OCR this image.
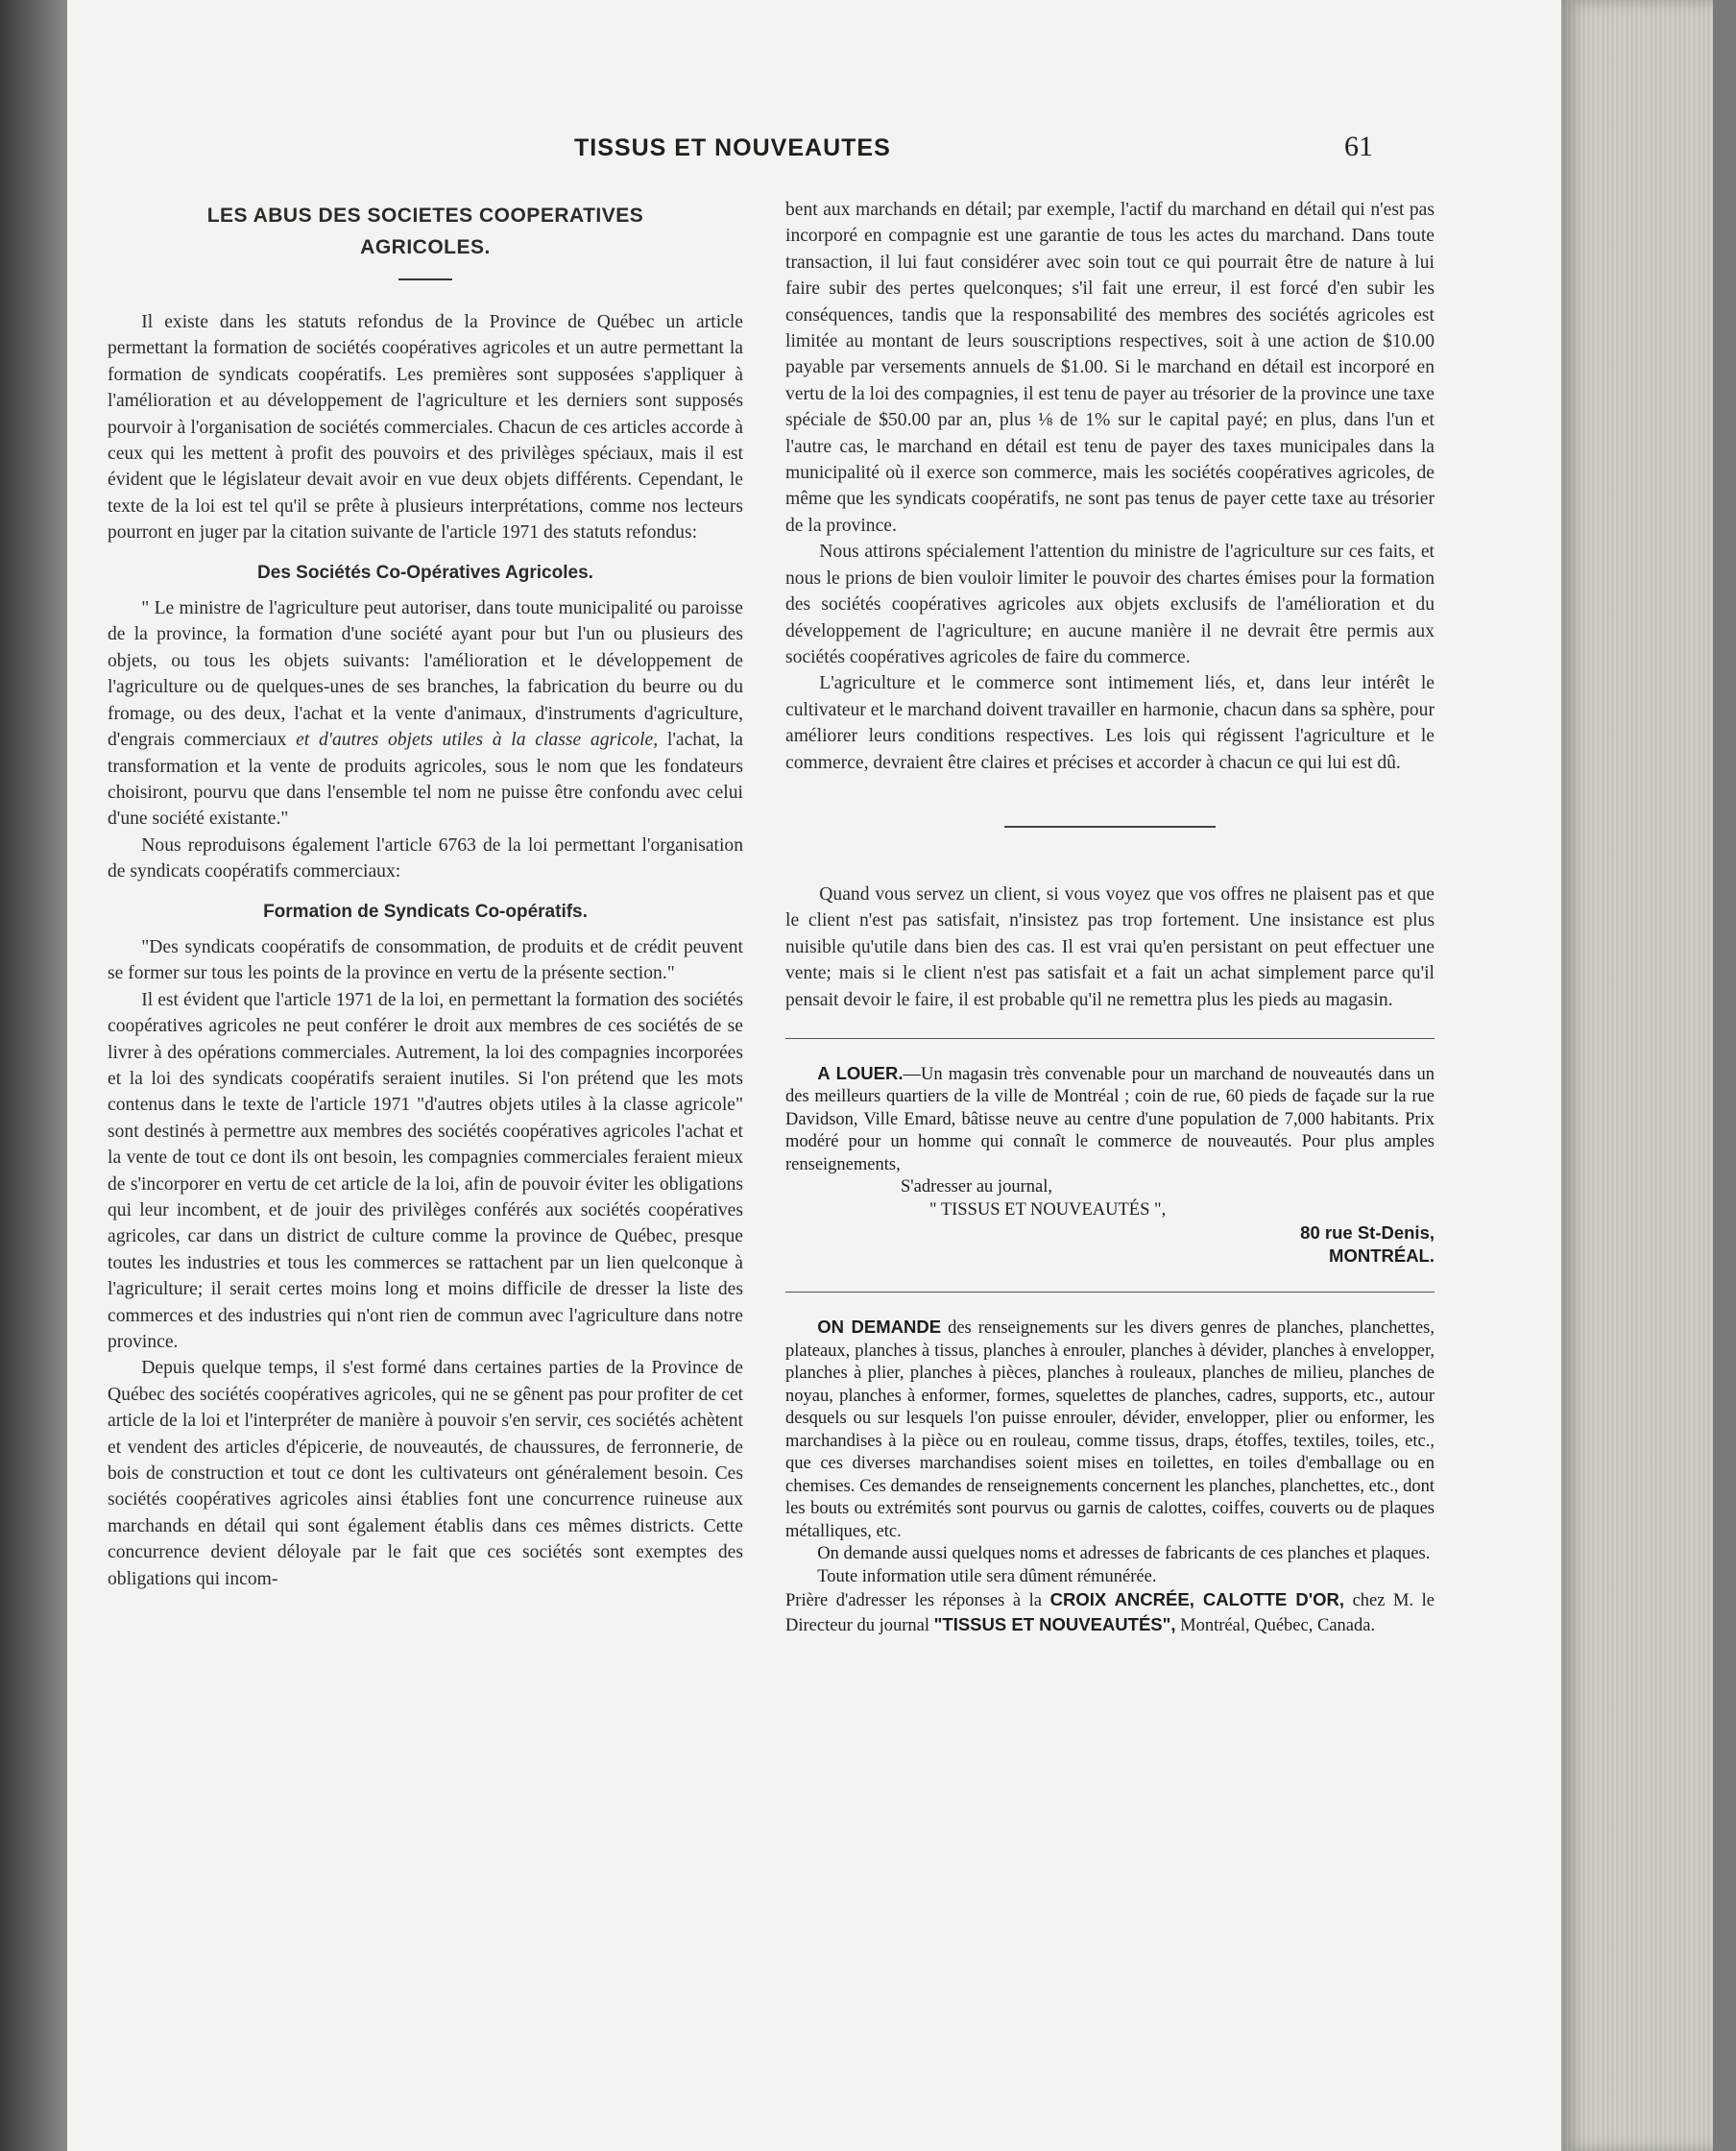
TISSUS ET NOUVEAUTES	61
LES ABUS DES SOCIETES COOPERATIVES
AGRICOLES.

Il existe dans les statuts refondus de la Province de Québec un article permettant la formation de sociétés coopératives agricoles et un autre permettant la formation de syndicats coopératifs. Les premières sont supposées s'appliquer à l'amélioration et au développement de l'agriculture et les derniers sont supposés pourvoir à l'organisation de sociétés commerciales. Chacun de ces articles accorde à ceux qui les mettent à profit des pouvoirs et des privilèges spéciaux, mais il est évident que le législateur devait avoir en vue deux objets différents. Cependant, le texte de la loi est tel qu'il se prête à plusieurs interprétations, comme nos lecteurs pourront en juger par la citation suivante de l'article 1971 des statuts refondus:

Des Sociétés Co-Opératives Agricoles.

" Le ministre de l'agriculture peut autoriser, dans toute municipalité ou paroisse de la province, la formation d'une société ayant pour but l'un ou plusieurs des objets, ou tous les objets suivants: l'amélioration et le développement de l'agriculture ou de quelques-unes de ses branches, la fabrication du beurre ou du fromage, ou des deux, l'achat et la vente d'animaux, d'instruments d'agriculture, d'engrais commerciaux et d'autres objets utiles à la classe agricole, l'achat, la transformation et la vente de produits agricoles, sous le nom que les fondateurs choisiront, pourvu que dans l'ensemble tel nom ne puisse être confondu avec celui d'une société existante."

Nous reproduisons également l'article 6763 de la loi permettant l'organisation de syndicats coopératifs commerciaux:

Formation de Syndicats Co-opératifs.

"Des syndicats coopératifs de consommation, de produits et de crédit peuvent se former sur tous les points de la province en vertu de la présente section."

Il est évident que l'article 1971 de la loi, en permettant la formation des sociétés coopératives agricoles ne peut conférer le droit aux membres de ces sociétés de se livrer à des opérations commerciales. Autrement, la loi des compagnies incorporées et la loi des syndicats coopératifs seraient inutiles. Si l'on prétend que les mots contenus dans le texte de l'article 1971 "d'autres objets utiles à la classe agricole" sont destinés à permettre aux membres des sociétés coopératives agricoles l'achat et la vente de tout ce dont ils ont besoin, les compagnies commerciales feraient mieux de s'incorporer en vertu de cet article de la loi, afin de pouvoir éviter les obligations qui leur incombent, et de jouir des privilèges conférés aux sociétés coopératives agricoles, car dans un district de culture comme la province de Québec, presque toutes les industries et tous les commerces se rattachent par un lien quelconque à l'agriculture; il serait certes moins long et moins difficile de dresser la liste des commerces et des industries qui n'ont rien de commun avec l'agriculture dans notre province.

Depuis quelque temps, il s'est formé dans certaines parties de la Province de Québec des sociétés coopératives agricoles, qui ne se gênent pas pour profiter de cet article de la loi et l'interpréter de manière à pouvoir s'en servir, ces sociétés achètent et vendent des articles d'épicerie, de nouveautés, de chaussures, de ferronnerie, de bois de construction et tout ce dont les cultivateurs ont généralement besoin. Ces sociétés coopératives agricoles ainsi établies font une concurrence ruineuse aux marchands en détail qui sont également établis dans ces mêmes districts. Cette concurrence devient déloyale par le fait que ces sociétés sont exemptes des obligations qui incom-

bent aux marchands en détail; par exemple, l'actif du marchand en détail qui n'est pas incorporé en compagnie est une garantie de tous les actes du marchand. Dans toute transaction, il lui faut considérer avec soin tout ce qui pourrait être de nature à lui faire subir des pertes quelconques; s'il fait une erreur, il est forcé d'en subir les conséquences, tandis que la responsabilité des membres des sociétés agricoles est limitée au montant de leurs souscriptions respectives, soit à une action de $10.00 payable par versements annuels de $1.00. Si le marchand en détail est incorporé en vertu de la loi des compagnies, il est tenu de payer au trésorier de la province une taxe spéciale de $50.00 par an, plus ⅛ de 1% sur le capital payé; en plus, dans l'un et l'autre cas, le marchand en détail est tenu de payer des taxes municipales dans la municipalité où il exerce son commerce, mais les sociétés coopératives agricoles, de même que les syndicats coopératifs, ne sont pas tenus de payer cette taxe au trésorier de la province.

Nous attirons spécialement l'attention du ministre de l'agriculture sur ces faits, et nous le prions de bien vouloir limiter le pouvoir des chartes émises pour la formation des sociétés coopératives agricoles aux objets exclusifs de l'amélioration et du développement de l'agriculture; en aucune manière il ne devrait être permis aux sociétés coopératives agricoles de faire du commerce.

L'agriculture et le commerce sont intimement liés, et, dans leur intérêt le cultivateur et le marchand doivent travailler en harmonie, chacun dans sa sphère, pour améliorer leurs conditions respectives. Les lois qui régissent l'agriculture et le commerce, devraient être claires et précises et accorder à chacun ce qui lui est dû.

Quand vous servez un client, si vous voyez que vos offres ne plaisent pas et que le client n'est pas satisfait, n'insistez pas trop fortement. Une insistance est plus nuisible qu'utile dans bien des cas. Il est vrai qu'en persistant on peut effectuer une vente; mais si le client n'est pas satisfait et a fait un achat simplement parce qu'il pensait devoir le faire, il est probable qu'il ne remettra plus les pieds au magasin.

A LOUER.—Un magasin très convenable pour un marchand de nouveautés dans un des meilleurs quartiers de la ville de Montréal ; coin de rue, 60 pieds de façade sur la rue Davidson, Ville Emard, bâtisse neuve au centre d'une population de 7,000 habitants. Prix modéré pour un homme qui connaît le commerce de nouveautés. Pour plus amples renseignements,

S'adresser au journal,

" TISSUS ET NOUVEAUTÉS ",

80 rue St-Denis,

MONTRÉAL.

ON DEMANDE des renseignements sur les divers genres de planches, planchettes, plateaux, planches à tissus, planches à enrouler, planches à dévider, planches à envelopper, planches à plier, planches à pièces, planches à rouleaux, planches de milieu, planches de noyau, planches à enformer, formes, squelettes de planches, cadres, supports, etc., autour desquels ou sur lesquels l'on puisse enrouler, dévider, envelopper, plier ou enformer, les marchandises à la pièce ou en rouleau, comme tissus, draps, étoffes, textiles, toiles, etc., que ces diverses marchandises soient mises en toilettes, en toiles d'emballage ou en chemises. Ces demandes de renseignements concernent les planches, planchettes, etc., dont les bouts ou extrémités sont pourvus ou garnis de calottes, coiffes, couverts ou de plaques métalliques, etc.

On demande aussi quelques noms et adresses de fabricants de ces planches et plaques.

Toute information utile sera dûment rémunérée.

Prière d'adresser les réponses à la CROIX ANCRÉE, CALOTTE D'OR, chez M. le Directeur du journal "TISSUS ET NOUVEAUTÉS", Montréal, Québec, Canada.
